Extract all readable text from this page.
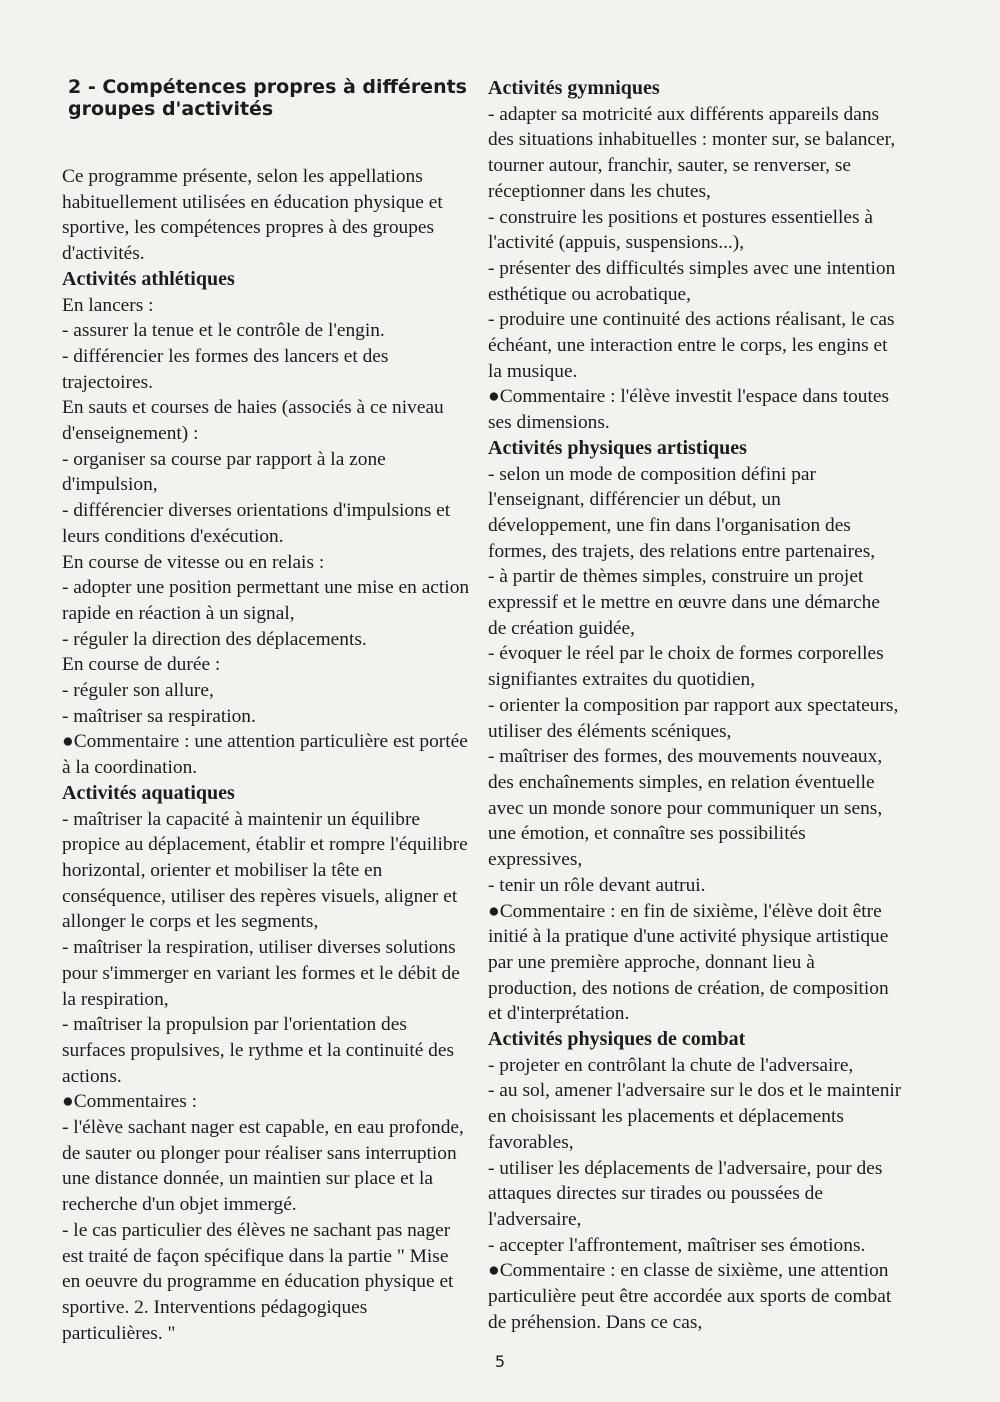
2 - Compétences propres à différents groupes d'activités

Ce programme présente, selon les appellations habituellement utilisées en éducation physique et sportive, les compétences propres à des groupes d'activités.

Activités athlétiques

En lancers :

- assurer la tenue et le contrôle de l'engin.

- différencier les formes des lancers et des trajectoires.

En sauts et courses de haies (associés à ce niveau d'enseignement) :

- organiser sa course par rapport à la zone d'impulsion,

- différencier diverses orientations d'impulsions et leurs conditions d'exécution.

En course de vitesse ou en relais :

- adopter une position permettant une mise en action rapide en réaction à un signal,

- réguler la direction des déplacements.

En course de durée :

- réguler son allure,

- maîtriser sa respiration.

●Commentaire : une attention particulière est portée à la coordination.

Activités aquatiques

- maîtriser la capacité à maintenir un équilibre propice au déplacement, établir et rompre l'équilibre horizontal, orienter et mobiliser la tête en conséquence, utiliser des repères visuels, aligner et allonger le corps et les segments,

- maîtriser la respiration, utiliser diverses solutions pour s'immerger en variant les formes et le débit de la respiration,

- maîtriser la propulsion par l'orientation des surfaces propulsives, le rythme et la continuité des actions.

●Commentaires :

- l'élève sachant nager est capable, en eau profonde, de sauter ou plonger pour réaliser sans interruption une distance donnée, un maintien sur place et la recherche d'un objet immergé.

- le cas particulier des élèves ne sachant pas nager est traité de façon spécifique dans la partie " Mise en oeuvre du programme en éducation physique et sportive. 2. Interventions pédagogiques particulières. "

Activités gymniques

- adapter sa motricité aux différents appareils dans des situations inhabituelles : monter sur, se balancer, tourner autour, franchir, sauter, se renverser, se réceptionner dans les chutes,

- construire les positions et postures essentielles à l'activité (appuis, suspensions...),

- présenter des difficultés simples avec une intention esthétique ou acrobatique,

- produire une continuité des actions réalisant, le cas échéant, une interaction entre le corps, les engins et la musique.

●Commentaire : l'élève investit l'espace dans toutes ses dimensions.

Activités physiques artistiques

- selon un mode de composition défini par l'enseignant, différencier un début, un développement, une fin dans l'organisation des formes, des trajets, des relations entre partenaires,

- à partir de thèmes simples, construire un projet expressif et le mettre en œuvre dans une démarche de création guidée,

- évoquer le réel par le choix de formes corporelles signifiantes extraites du quotidien,

- orienter la composition par rapport aux spectateurs, utiliser des éléments scéniques,

- maîtriser des formes, des mouvements nouveaux, des enchaînements simples, en relation éventuelle avec un monde sonore pour communiquer un sens, une émotion, et connaître ses possibilités expressives,

- tenir un rôle devant autrui.

●Commentaire : en fin de sixième, l'élève doit être initié à la pratique d'une activité physique artistique par une première approche, donnant lieu à production, des notions de création, de composition et d'interprétation.

Activités physiques de combat

- projeter en contrôlant la chute de l'adversaire,

- au sol, amener l'adversaire sur le dos et le maintenir en choisissant les placements et déplacements favorables,

- utiliser les déplacements de l'adversaire, pour des attaques directes sur tirades ou poussées de l'adversaire,

- accepter l'affrontement, maîtriser ses émotions.

●Commentaire : en classe de sixième, une attention particulière peut être accordée aux sports de combat de préhension. Dans ce cas,

5
